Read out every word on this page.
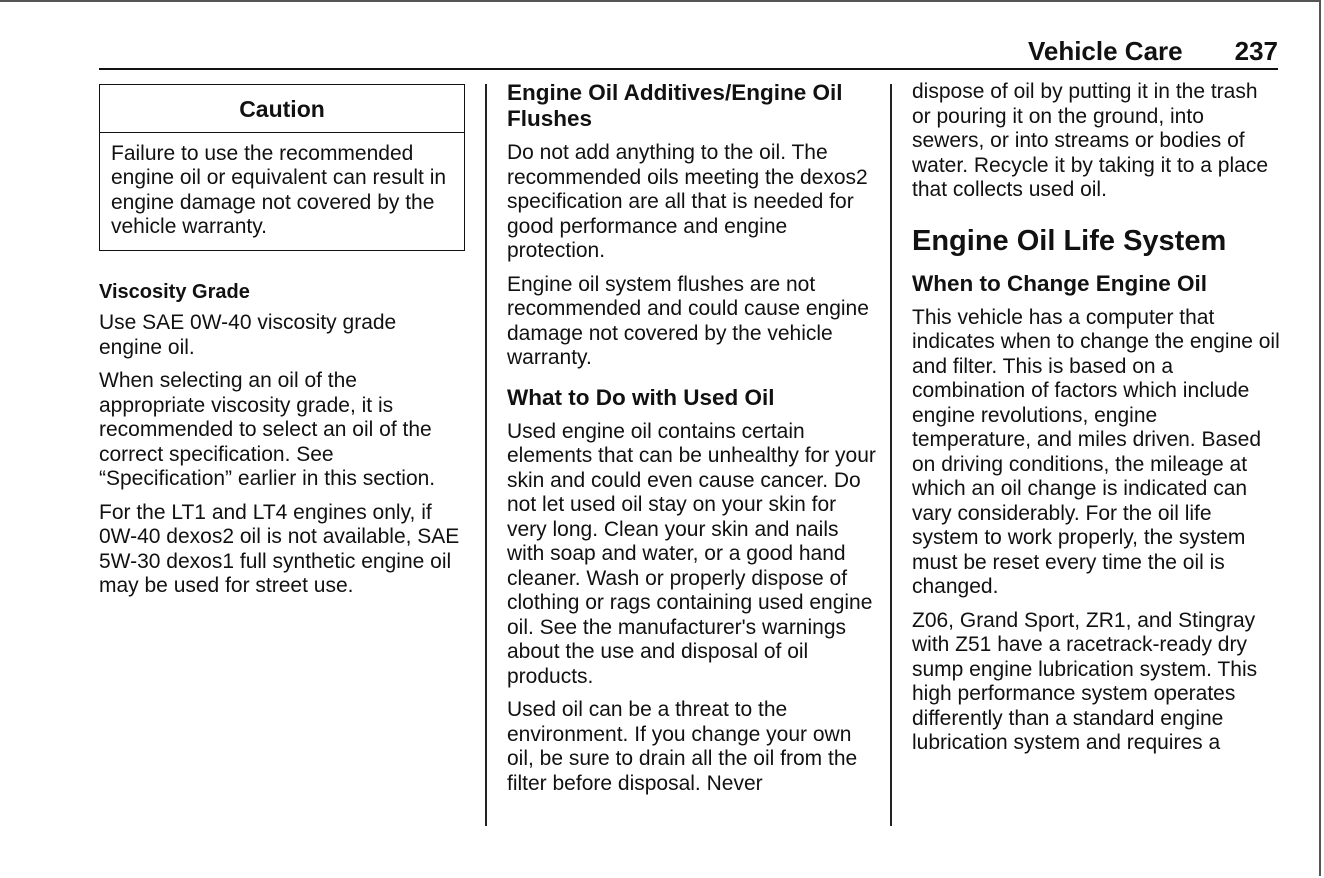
Vehicle Care 237
Caution
Failure to use the recommended engine oil or equivalent can result in engine damage not covered by the vehicle warranty.
Viscosity Grade

Use SAE 0W-40 viscosity grade engine oil.

When selecting an oil of the appropriate viscosity grade, it is recommended to select an oil of the correct specification. See “Specification” earlier in this section.

For the LT1 and LT4 engines only, if 0W-40 dexos2 oil is not available, SAE 5W-30 dexos1 full synthetic engine oil may be used for street use.

Engine Oil Additives/Engine Oil Flushes

Do not add anything to the oil. The recommended oils meeting the dexos2 specification are all that is needed for good performance and engine protection.

Engine oil system flushes are not recommended and could cause engine damage not covered by the vehicle warranty.

What to Do with Used Oil

Used engine oil contains certain elements that can be unhealthy for your skin and could even cause cancer. Do not let used oil stay on your skin for very long. Clean your skin and nails with soap and water, or a good hand cleaner. Wash or properly dispose of clothing or rags containing used engine oil. See the manufacturer's warnings about the use and disposal of oil products.

Used oil can be a threat to the environment. If you change your own oil, be sure to drain all the oil from the filter before disposal. Never

dispose of oil by putting it in the trash or pouring it on the ground, into sewers, or into streams or bodies of water. Recycle it by taking it to a place that collects used oil.

Engine Oil Life System
When to Change Engine Oil

This vehicle has a computer that indicates when to change the engine oil and filter. This is based on a combination of factors which include engine revolutions, engine temperature, and miles driven. Based on driving conditions, the mileage at which an oil change is indicated can vary considerably. For the oil life system to work properly, the system must be reset every time the oil is changed.

Z06, Grand Sport, ZR1, and Stingray with Z51 have a racetrack-ready dry sump engine lubrication system. This high performance system operates differently than a standard engine lubrication system and requires a
